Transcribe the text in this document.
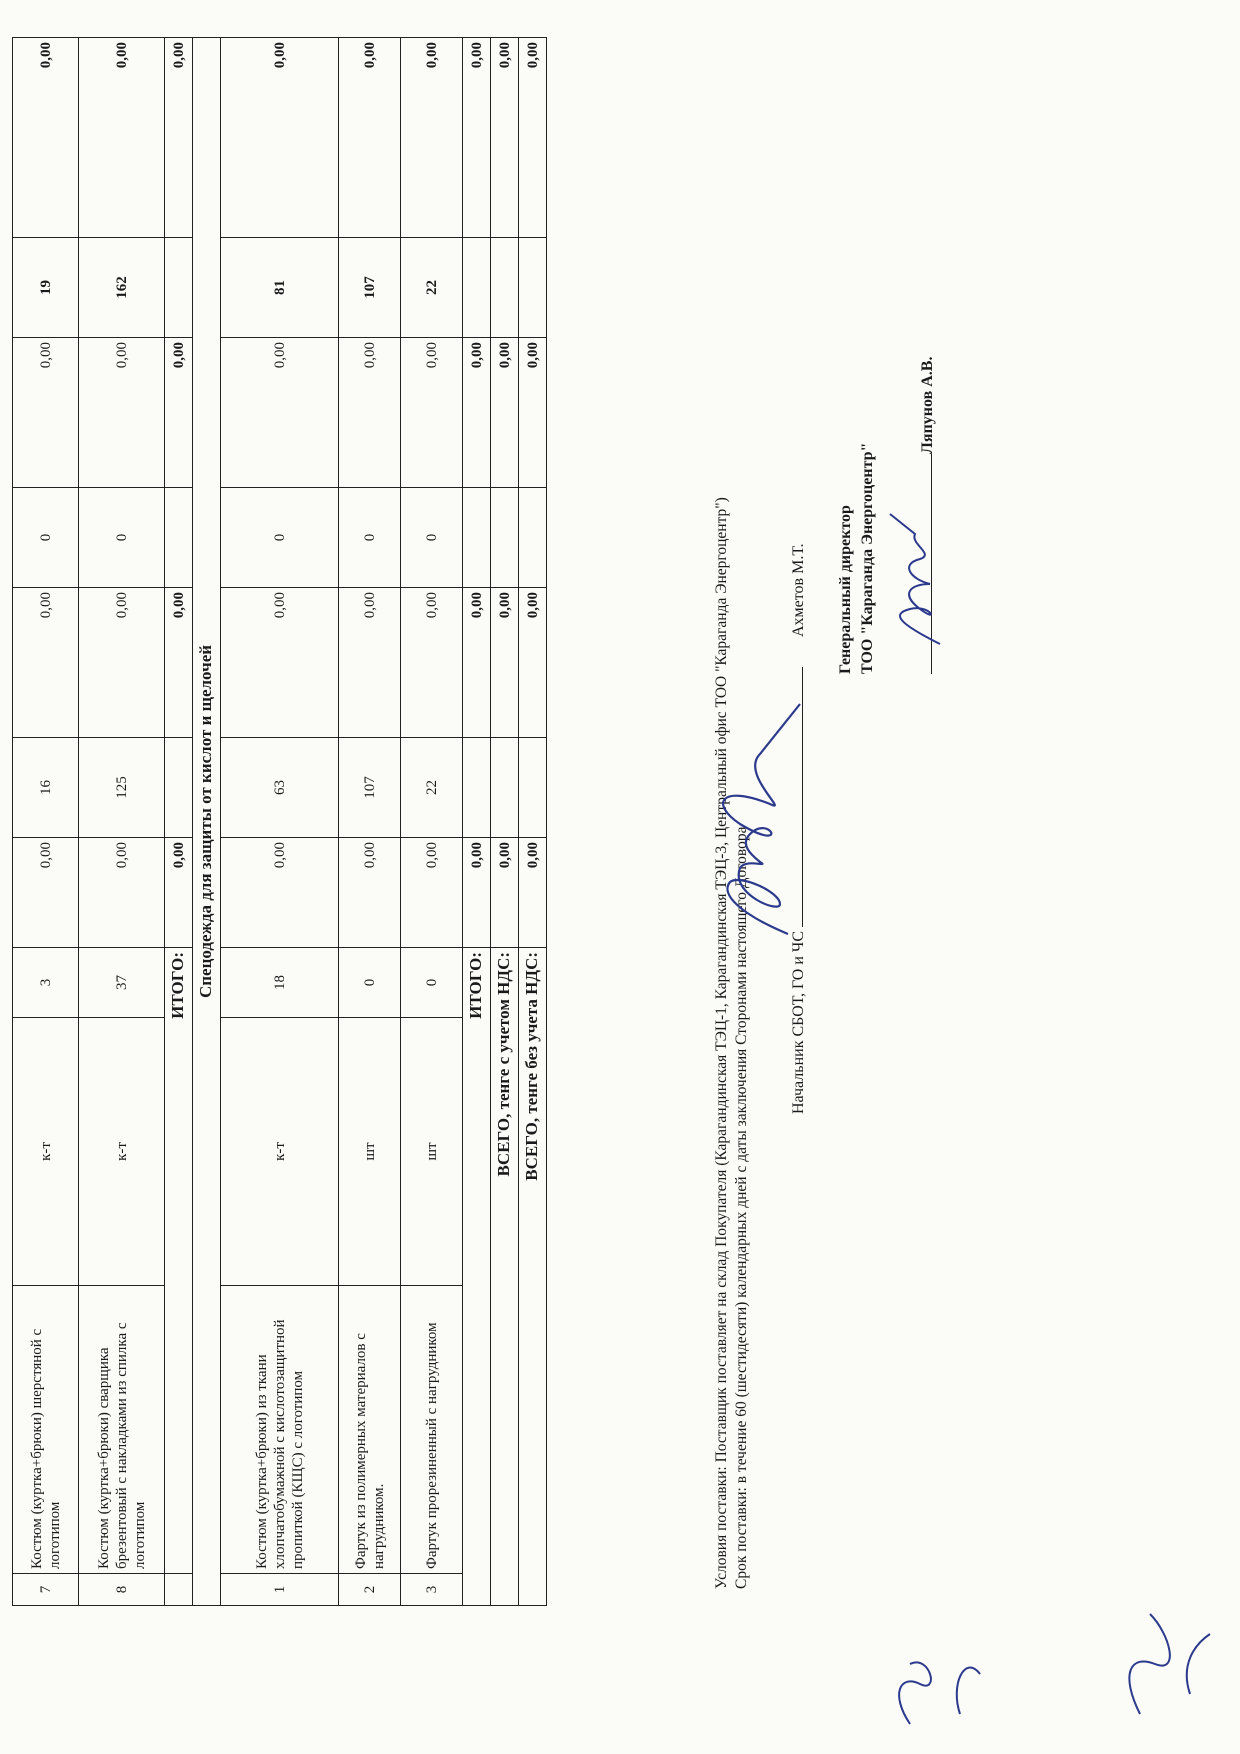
7	Костюм (куртка+брюки) шерстяной с логотипом	к-т	3	0,00	16	0,00	0	0,00	19	0,00
8	Костюм (куртка+брюки) сварщика брезентовый с накладками из спилка с логотипом	к-т	37	0,00	125	0,00	0	0,00	162	0,00
	ИТОГО:			0,00		0,00		0,00		0,00
Спецодежда для защиты от кислот и щелочей										
1	Костюм (куртка+брюки) из ткани хлопчатобумажной с кислотозащитной пропиткой (КЩС) с логотипом	к-т	18	0,00	63	0,00	0	0,00	81	0,00
2	Фартук из полимерных материалов с нагрудником.	шт	0	0,00	107	0,00	0	0,00	107	0,00
3	Фартук прорезиненный с нагрудником	шт	0	0,00	22	0,00	0	0,00	22	0,00
ИТОГО:				0,00		0,00		0,00		0,00
ВСЕГО, тенге с учетом НДС:				0,00		0,00		0,00		0,00
ВСЕГО, тенге без учета НДС:				0,00		0,00		0,00		0,00
Условия поставки: Поставщик поставляет на склад Покупателя (Карагандинская ТЭЦ-1, Карагандинская ТЭЦ-3, Центральный офис ТОО "Караганда Энергоцентр") Срок поставки: в течение 60 (шестидесяти) календарных дней с даты заключения Сторонами настоящего Договора	Начальник СБОТ, ГО и ЧСАхметов М.Т. Генеральный директор ТОО "Караганда Энергоцентр"
Ляпунов А.В.
